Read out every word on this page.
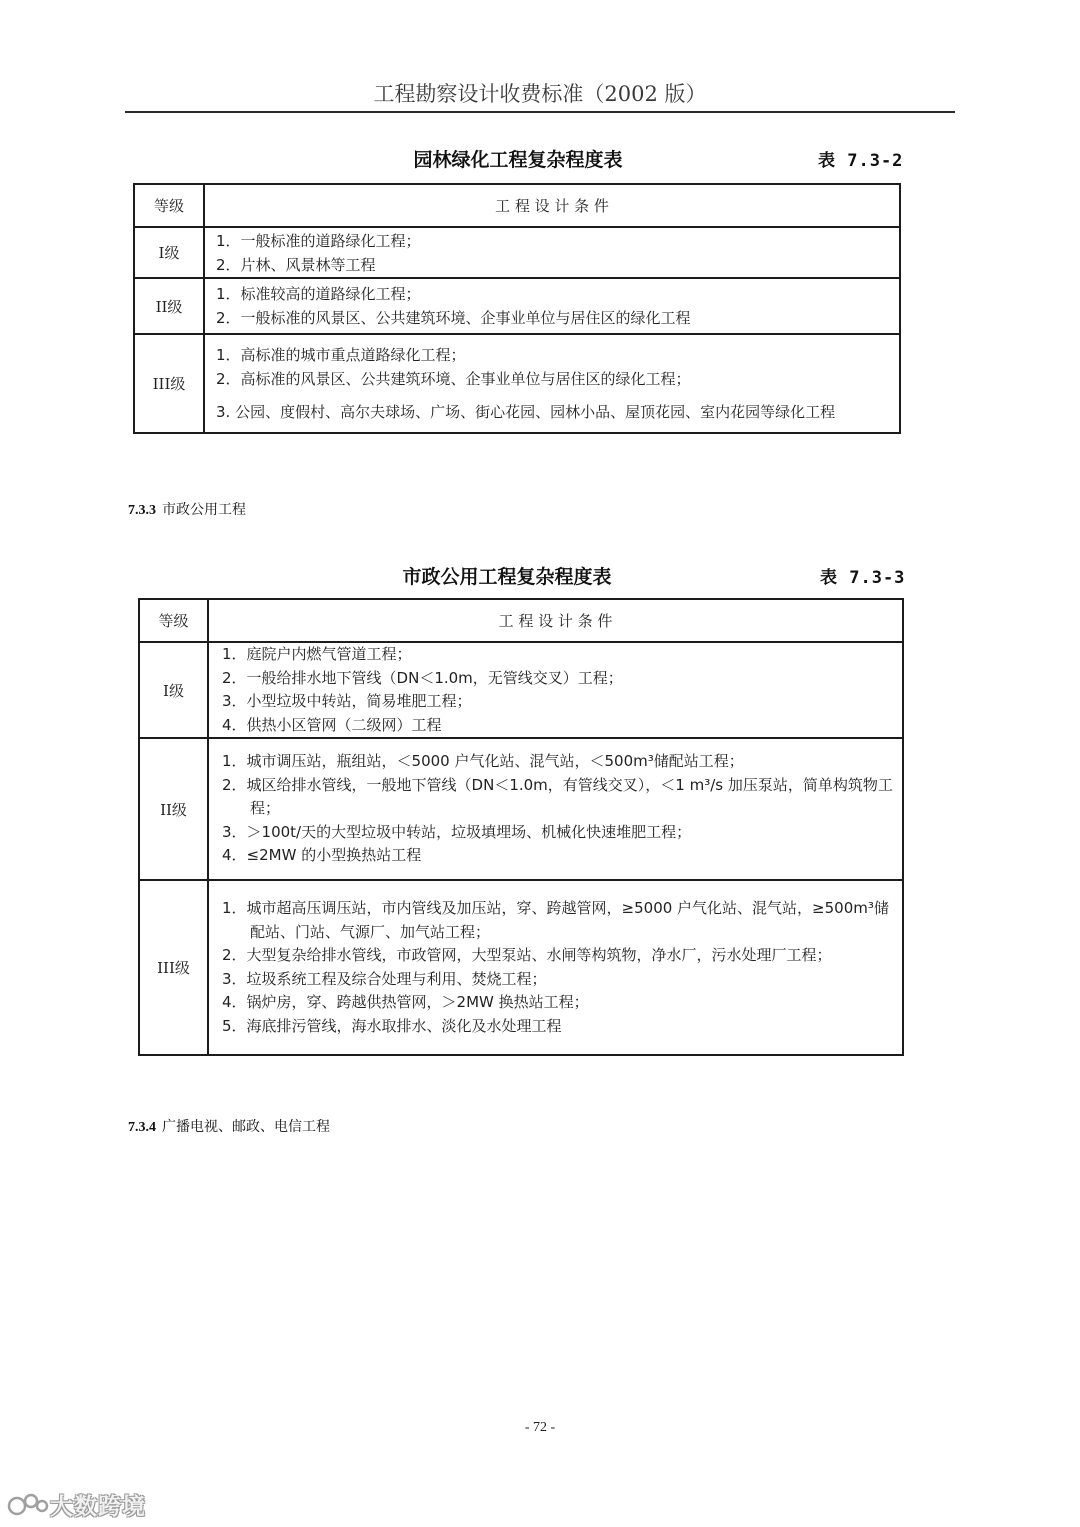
工程勘察设计收费标准（2002 版）
园林绿化工程复杂程度表	表 7.3-2
等级	工 程 设 计 条 件
I级	1．一般标准的道路绿化工程；
2．片林、风景林等工程

II级	1．标准较高的道路绿化工程；
2．一般标准的风景区、公共建筑环境、企事业单位与居住区的绿化工程

III级	1．高标准的城市重点道路绿化工程；
2．高标准的风景区、公共建筑环境、企事业单位与居住区的绿化工程；
3. 公园、度假村、高尔夫球场、广场、街心花园、园林小品、屋顶花园、室内花园等绿化工程
7.3.3 市政公用工程
市政公用工程复杂程度表	表 7.3-3
等级	工 程 设 计 条 件
I级	1．庭院户内燃气管道工程；
2．一般给排水地下管线（DN＜1.0m，无管线交叉）工程；
3．小型垃圾中转站，简易堆肥工程；
4．供热小区管网（二级网）工程

II级	1．城市调压站，瓶组站，＜5000 户气化站、混气站，＜500m³储配站工程；
2．城区给排水管线，一般地下管线（DN＜1.0m，有管线交叉），＜1 m³/s 加压泵站，简单构筑物工程；
3．＞100t/天的大型垃圾中转站，垃圾填埋场、机械化快速堆肥工程；
4．≤2MW 的小型换热站工程

III级	1．城市超高压调压站，市内管线及加压站，穿、跨越管网，≥5000 户气化站、混气站，≥500m³储配站、门站、气源厂、加气站工程；
2．大型复杂给排水管线，市政管网，大型泵站、水闸等构筑物，净水厂，污水处理厂工程；
3．垃圾系统工程及综合处理与利用、焚烧工程；
4．锅炉房，穿、跨越供热管网，＞2MW 换热站工程；
5．海底排污管线，海水取排水、淡化及水处理工程
7.3.4 广播电视、邮政、电信工程
- 72 -
大数跨境
